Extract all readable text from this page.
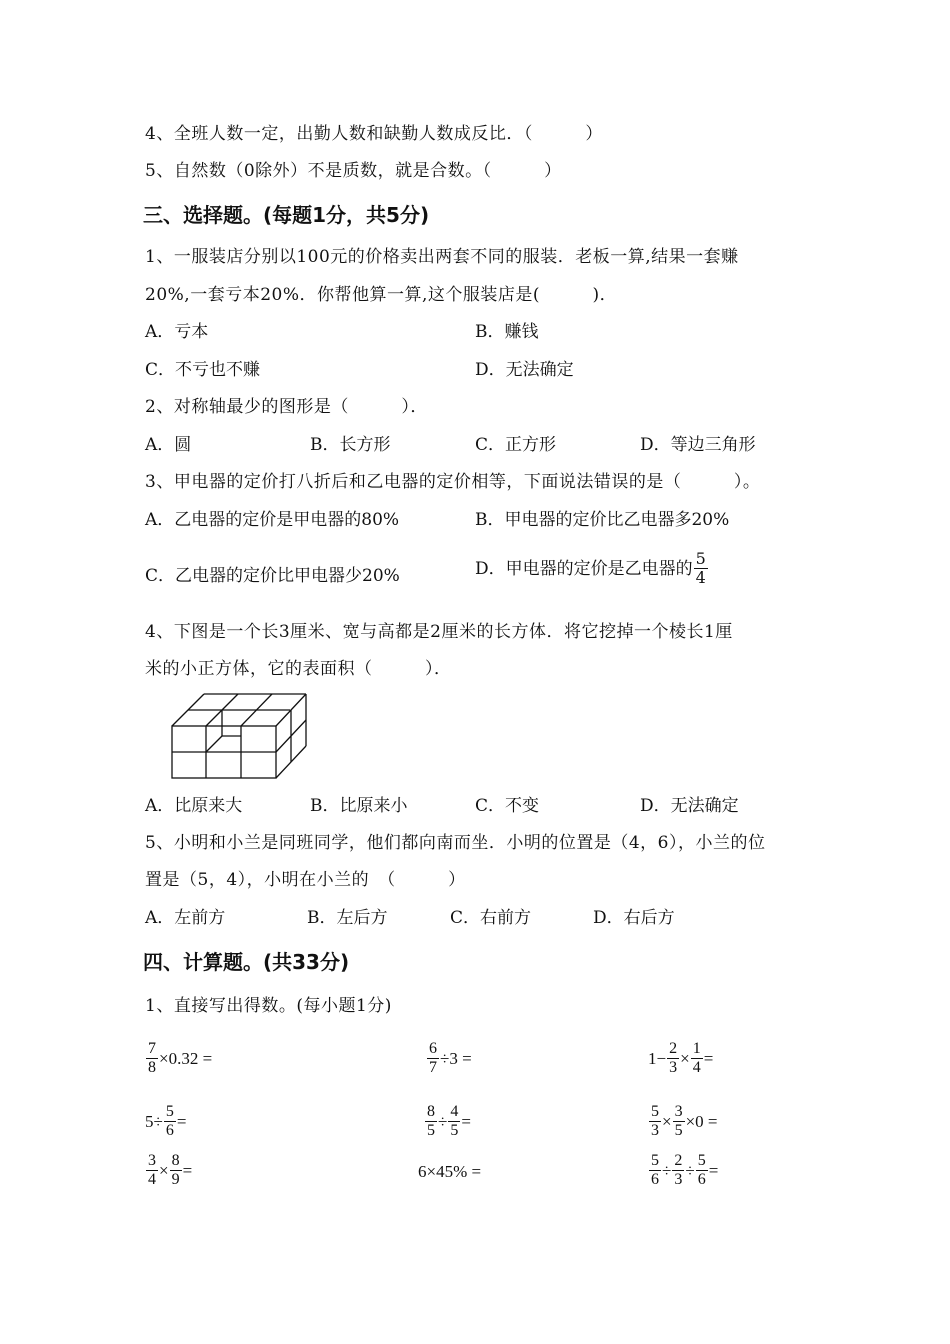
4、全班人数一定，出勤人数和缺勤人数成反比．（　　　）
5、自然数（0除外）不是质数，就是合数。（　　　）
三、选择题。(每题1分，共5分)
1、一服装店分别以100元的价格卖出两套不同的服装．老板一算,结果一套赚
20%,一套亏本20%．你帮他算一算,这个服装店是(　　　)．
A．亏本	B．赚钱
C．不亏也不赚	D．无法确定
2、对称轴最少的图形是（　　　）．
A．圆	B．长方形	C．正方形	D．等边三角形
3、甲电器的定价打八折后和乙电器的定价相等，下面说法错误的是（　　　）。
A．乙电器的定价是甲电器的80%	B．甲电器的定价比乙电器多20%
C．乙电器的定价比甲电器少20%	D．甲电器的定价是乙电器的 $\frac{5}{4}$
4、下图是一个长3厘米、宽与高都是2厘米的长方体．将它挖掉一个棱长1厘
米的小正方体，它的表面积（　　　）．
A．比原来大	B．比原来小	C．不变	D．无法确定
5、小明和小兰是同班同学，他们都向南而坐．小明的位置是（4，6），小兰的位
置是（5，4），小明在小兰的　（　　　）
A．左前方	B．左后方	C．右前方	D．右后方
四、计算题。(共33分)
1、直接写出得数。(每小题1分)
$\frac{7}{8} \times 0.32$ =	$\frac{6}{7} \div 3$ =	$1- \frac{2}{3} \times \frac{1}{4}$ =
$5\div \frac{5}{6}$ =	$\frac{8}{5} \div \frac{4}{5}$ =	$\frac{5}{3} \times \frac{3}{5} \times 0$ =
$\frac{3}{4} \times \frac{8}{9}$ =	6×45% =	$\frac{5}{6} \div \frac{2}{3} \div \frac{5}{6}$ =
